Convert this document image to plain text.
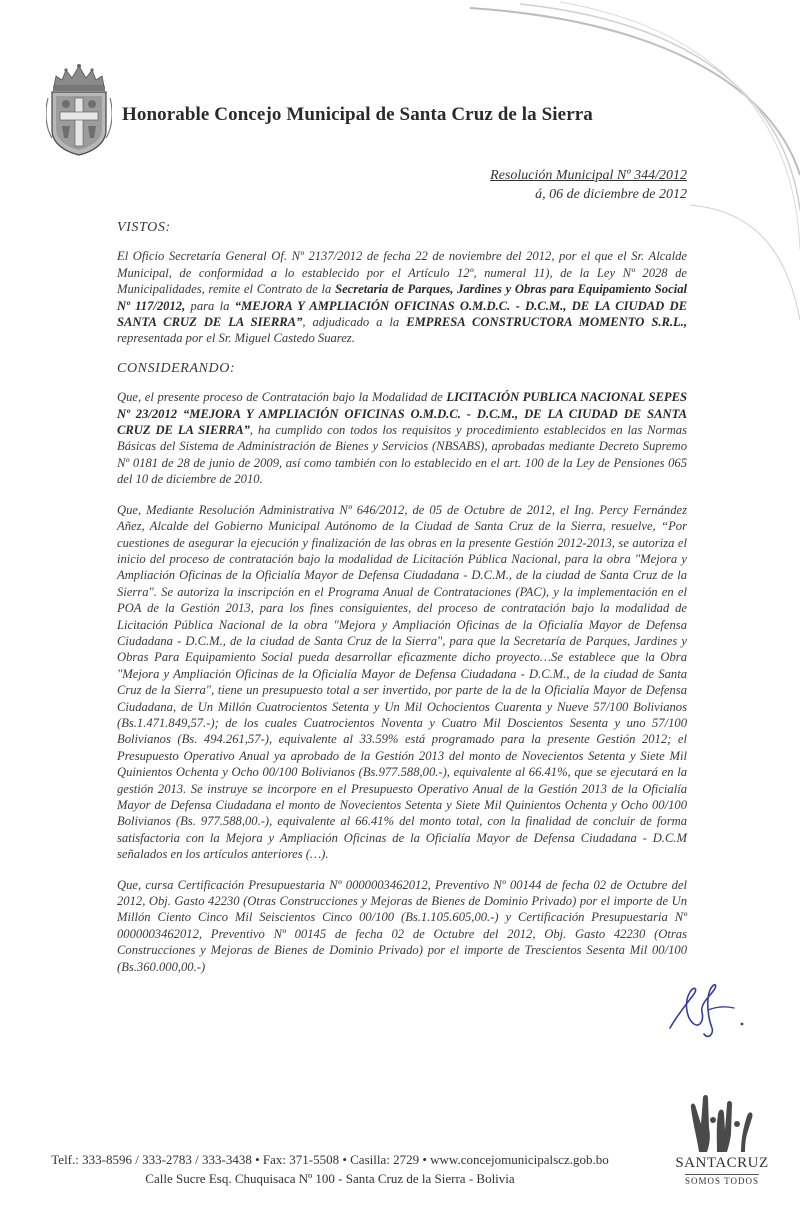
Honorable Concejo Municipal de Santa Cruz de la Sierra
Resolución Municipal Nº 344/2012
á, 06 de diciembre de 2012
VISTOS:

El Oficio Secretaría General Of. Nº 2137/2012 de fecha 22 de noviembre del 2012, por el que el Sr. Alcalde Municipal, de conformidad a lo establecido por el Artículo 12º, numeral 11), de la Ley Nº 2028 de Municipalidades, remite el Contrato de la Secretaria de Parques, Jardines y Obras para Equipamiento Social Nº 117/2012, para la “MEJORA Y AMPLIACIÓN OFICINAS O.M.D.C. - D.C.M., DE LA CIUDAD DE SANTA CRUZ DE LA SIERRA”, adjudicado a la EMPRESA CONSTRUCTORA MOMENTO S.R.L., representada por el Sr. Miguel Castedo Suarez.

CONSIDERANDO:

Que, el presente proceso de Contratación bajo la Modalidad de LICITACIÓN PUBLICA NACIONAL SEPES Nº 23/2012 “MEJORA Y AMPLIACIÓN OFICINAS O.M.D.C. - D.C.M., DE LA CIUDAD DE SANTA CRUZ DE LA SIERRA”, ha cumplido con todos los requisitos y procedimiento establecidos en las Normas Básicas del Sistema de Administración de Bienes y Servicios (NBSABS), aprobadas mediante Decreto Supremo Nº 0181 de 28 de junio de 2009, así como también con lo establecido en el art. 100 de la Ley de Pensiones 065 del 10 de diciembre de 2010.

Que, Mediante Resolución Administrativa Nº 646/2012, de 05 de Octubre de 2012, el Ing. Percy Fernández Añez, Alcalde del Gobierno Municipal Autónomo de la Ciudad de Santa Cruz de la Sierra, resuelve, “Por cuestiones de asegurar la ejecución y finalización de las obras en la presente Gestión 2012-2013, se autoriza el inicio del proceso de contratación bajo la modalidad de Licitación Pública Nacional, para la obra "Mejora y Ampliación Oficinas de la Oficialía Mayor de Defensa Ciudadana - D.C.M., de la ciudad de Santa Cruz de la Sierra". Se autoriza la inscripción en el Programa Anual de Contrataciones (PAC), y la implementación en el POA de la Gestión 2013, para los fines consiguientes, del proceso de contratación bajo la modalidad de Licitación Pública Nacional de la obra "Mejora y Ampliación Oficinas de la Oficialía Mayor de Defensa Ciudadana - D.C.M., de la ciudad de Santa Cruz de la Sierra", para que la Secretaría de Parques, Jardines y Obras Para Equipamiento Social pueda desarrollar eficazmente dicho proyecto…Se establece que la Obra "Mejora y Ampliación Oficinas de la Oficialía Mayor de Defensa Ciudadana - D.C.M., de la ciudad de Santa Cruz de la Sierra", tiene un presupuesto total a ser invertido, por parte de la de la Oficialía Mayor de Defensa Ciudadana, de Un Millón Cuatrocientos Setenta y Un Mil Ochocientos Cuarenta y Nueve 57/100 Bolivianos (Bs.1.471.849,57.-); de los cuales Cuatrocientos Noventa y Cuatro Mil Doscientos Sesenta y uno 57/100 Bolivianos (Bs. 494.261,57-), equivalente al 33.59% está programado para la presente Gestión 2012; el Presupuesto Operativo Anual ya aprobado de la Gestión 2013 del monto de Novecientos Setenta y Siete Mil Quinientos Ochenta y Ocho 00/100 Bolivianos (Bs.977.588,00.-), equivalente al 66.41%, que se ejecutará en la gestión 2013. Se instruye se incorpore en el Presupuesto Operativo Anual de la Gestión 2013 de la Oficialía Mayor de Defensa Ciudadana el monto de Novecientos Setenta y Siete Mil Quinientos Ochenta y Ocho 00/100 Bolivianos (Bs. 977.588,00.-), equivalente al 66.41% del monto total, con la finalidad de concluir de forma satisfactoria con la Mejora y Ampliación Oficinas de la Oficialía Mayor de Defensa Ciudadana - D.C.M señalados en los artículos anteriores (…).

Que, cursa Certificación Presupuestaria Nº 0000003462012, Preventivo Nº 00144 de fecha 02 de Octubre del 2012, Obj. Gasto 42230 (Otras Construcciones y Mejoras de Bienes de Dominio Privado) por el importe de Un Millón Ciento Cinco Mil Seiscientos Cinco 00/100 (Bs.1.105.605,00.-) y Certificación Presupuestaria Nº 0000003462012, Preventivo Nº 00145 de fecha 02 de Octubre del 2012, Obj. Gasto 42230 (Otras Construcciones y Mejoras de Bienes de Dominio Privado) por el importe de Trescientos Sesenta Mil 00/100 (Bs.360.000,00.-)

Telf.: 333-8596 / 333-2783 / 333-3438 • Fax: 371-5508 • Casilla: 2729 • www.concejomunicipalscz.gob.bo
Calle Sucre Esq. Chuquisaca Nº 100 - Santa Cruz de la Sierra - Bolivia
SANTACRUZ
SOMOS TODOS
